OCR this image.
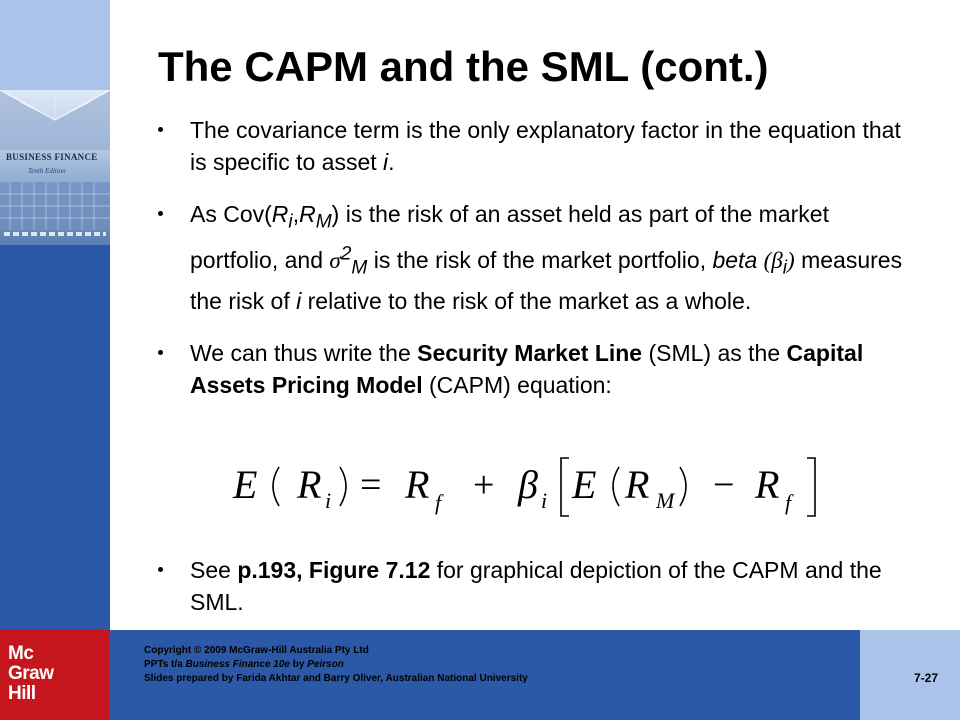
BUSINESS FINANCE
Tenth Edition
The CAPM and the SML (cont.)
The covariance term is the only explanatory factor in the equation that is specific to asset i.
As $Cov(R_i,R_M)$ is the risk of an asset held as part of the market portfolio, and $\sigma^2_M$ is the risk of the market portfolio, beta $(\beta_i)$ measures the risk of i relative to the risk of the market as a whole.
We can thus write the Security Market Line (SML) as the Capital Assets Pricing Model (CAPM) equation:
E R i R f β i E R M R f
= +	−
See p.193, Figure 7.12 for graphical depiction of the CAPM and the SML.
Mc
Graw
Hill
Copyright © 2009 McGraw-Hill Australia Pty Ltd
PPTs t/a Business Finance 10e by Peirson
Slides prepared by Farida Akhtar and Barry Oliver, Australian National University	7-27
